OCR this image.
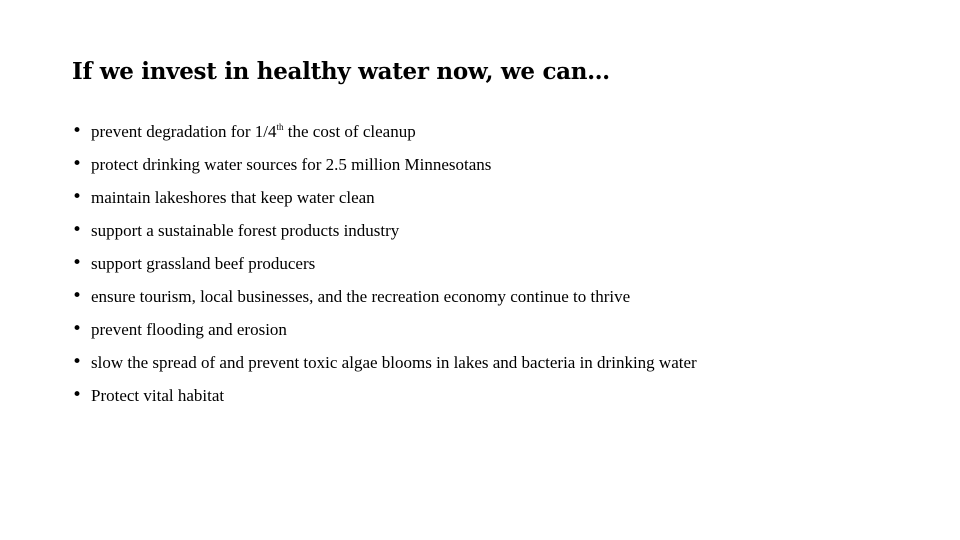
If we invest in healthy water now, we can…
• prevent degradation for 1/4th the cost of cleanup
• protect drinking water sources for 2.5 million Minnesotans
• maintain lakeshores that keep water clean
• support a sustainable forest products industry
• support grassland beef producers
• ensure tourism, local businesses, and the recreation economy continue to thrive
• prevent flooding and erosion
• slow the spread of and prevent toxic algae blooms in lakes and bacteria in drinking water
• Protect vital habitat
